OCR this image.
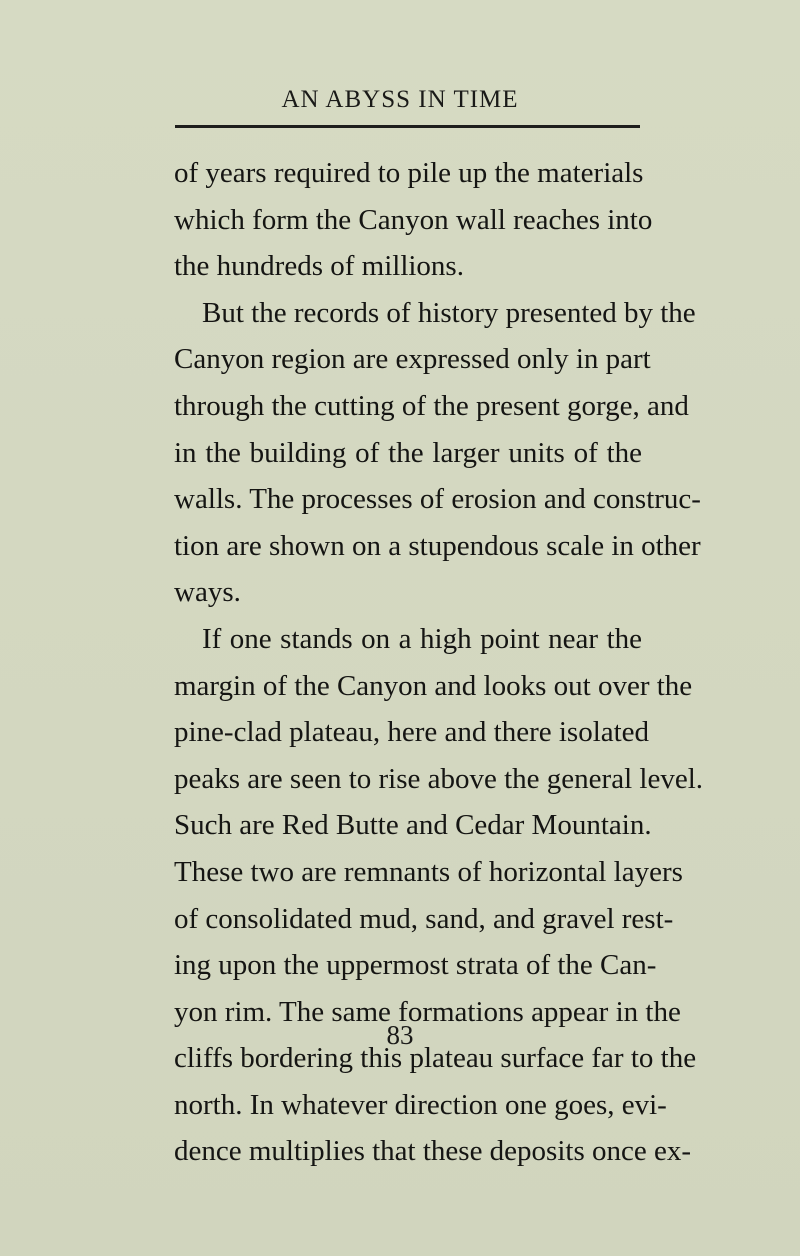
AN ABYSS IN TIME
of years required to pile up the materials
which form the Canyon wall reaches into
the hundreds of millions.
But the records of history presented by the
Canyon region are expressed only in part
through the cutting of the present gorge, and
in the building of the larger units of the
walls. The processes of erosion and construc-
tion are shown on a stupendous scale in other
ways.
If one stands on a high point near the
margin of the Canyon and looks out over the
pine-clad plateau, here and there isolated
peaks are seen to rise above the general level.
Such are Red Butte and Cedar Mountain.
These two are remnants of horizontal layers
of consolidated mud, sand, and gravel rest-
ing upon the uppermost strata of the Can-
yon rim. The same formations appear in the
cliffs bordering this plateau surface far to the
north. In whatever direction one goes, evi-
dence multiplies that these deposits once ex-
83
